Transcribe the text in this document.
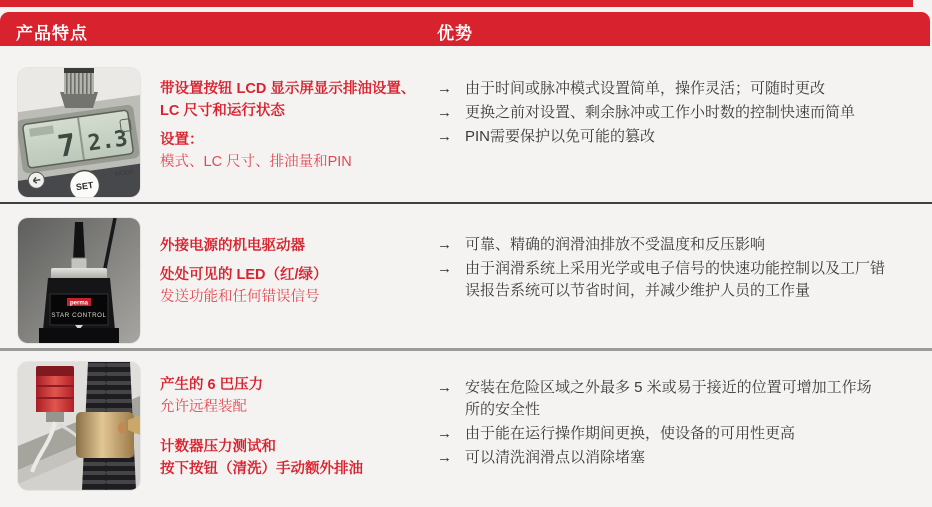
产品特点	优势
7 2.3
SET
MODE
带设置按钮 LCD 显示屏显示排油设置、LC 尺寸和运行状态
设置：
模式、LC 尺寸、排油量和PIN
→ 由于时间或脉冲模式设置简单，操作灵活；可随时更改
→ 更换之前对设置、剩余脉冲或工作小时数的控制快速而简单
→ PIN需要保护以免可能的篡改
perma
STAR CONTROL
外接电源的机电驱动器
处处可见的 LED（红/绿）
发送功能和任何错误信号
→ 可靠、精确的润滑油排放不受温度和反压影响
→ 由于润滑系统上采用光学或电子信号的快速功能控制以及工厂错误报告系统可以节省时间，并减少维护人员的工作量
产生的 6 巴压力
允许远程装配
计数器压力测试和
按下按钮（清洗）手动额外排油
→ 安装在危险区域之外最多 5 米或易于接近的位置可增加工作场所的安全性
→ 由于能在运行操作期间更换，使设备的可用性更高
→ 可以清洗润滑点以消除堵塞
